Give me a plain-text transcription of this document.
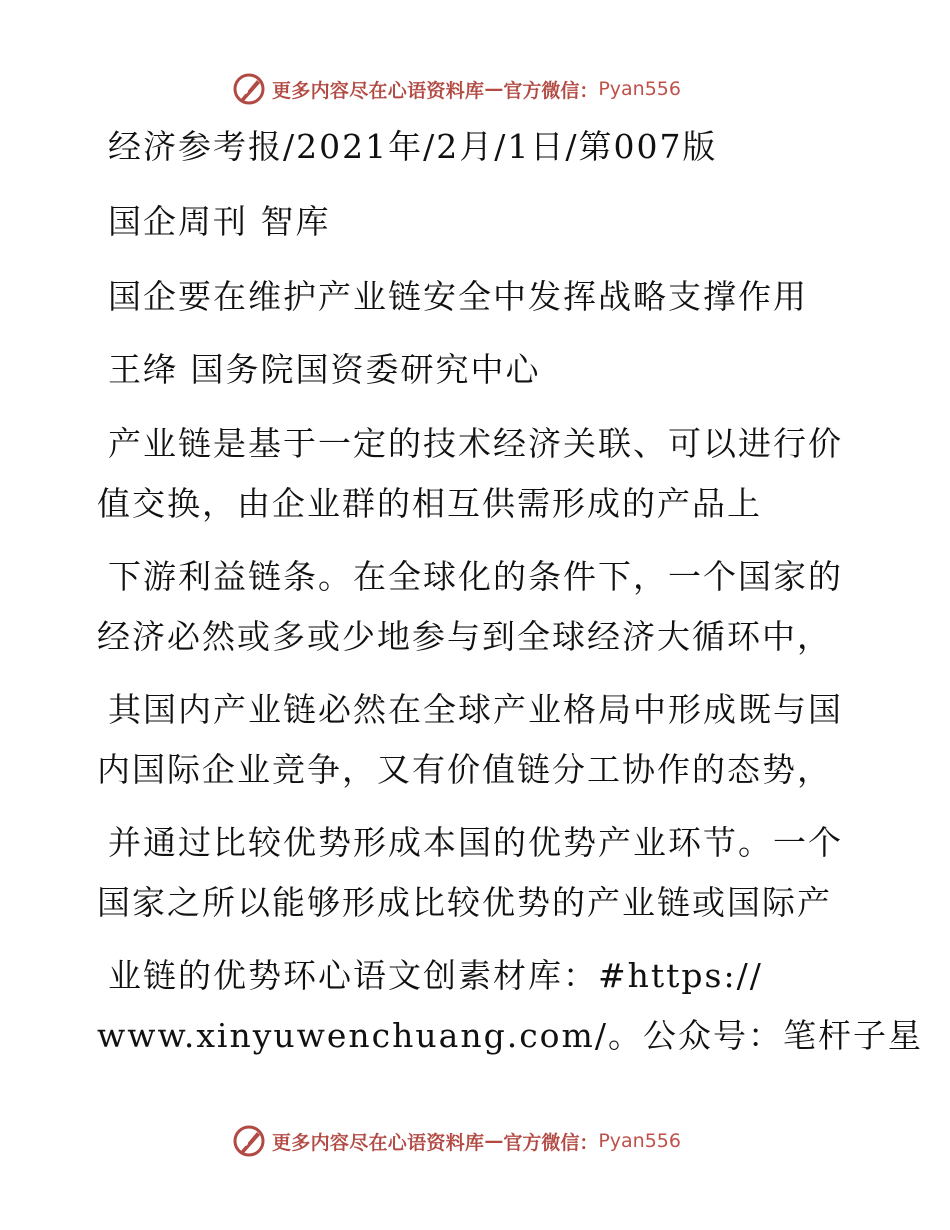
更多内容尽在心语资料库 — 官方微信： Pyan556
经济参考报/2021年/2月/1日/第007版
国企周刊 智库
国企要在维护产业链安全中发挥战略支撑作用
王绛 国务院国资委研究中心
产业链是基于一定的技术经济关联、可以进行价
值交换，由企业群的相互供需形成的产品上
下游利益链条。在全球化的条件下，一个国家的
经济必然或多或少地参与到全球经济大循环中，
其国内产业链必然在全球产业格局中形成既与国
内国际企业竞争，又有价值链分工协作的态势，
并通过比较优势形成本国的优势产业环节。一个
国家之所以能够形成比较优势的产业链或国际产
业链的优势环心语文创素材库：#https://
www.xinyuwenchuang.com/。公众号：笔杆子星
更多内容尽在心语资料库 — 官方微信： Pyan556
